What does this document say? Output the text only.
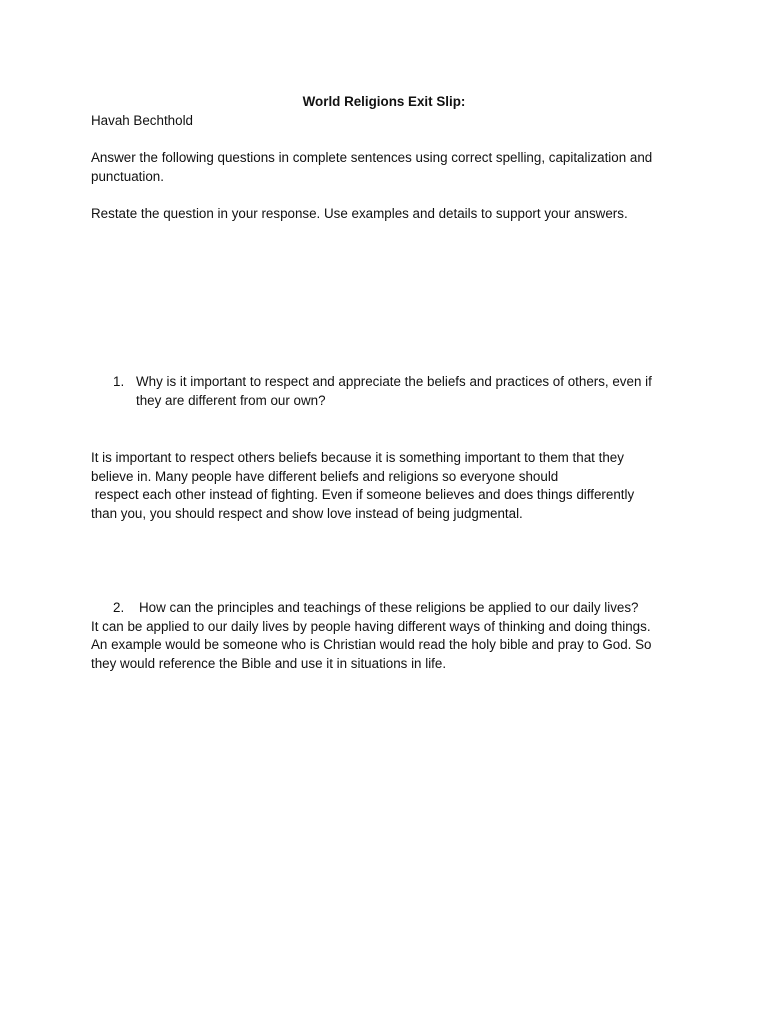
World Religions Exit Slip:
Havah Bechthold
Answer the following questions in complete sentences using correct spelling, capitalization and
punctuation.
Restate the question in your response. Use examples and details to support your answers.
1. Why is it important to respect and appreciate the beliefs and practices of others, even if
they are different from our own?
It is important to respect others beliefs because it is something important to them that they
believe in. Many people have different beliefs and religions so everyone should
respect each other instead of fighting. Even if someone believes and does things differently
than you, you should respect and show love instead of being judgmental.
2. How can the principles and teachings of these religions be applied to our daily lives?
It can be applied to our daily lives by people having different ways of thinking and doing things.
An example would be someone who is Christian would read the holy bible and pray to God. So
they would reference the Bible and use it in situations in life.
